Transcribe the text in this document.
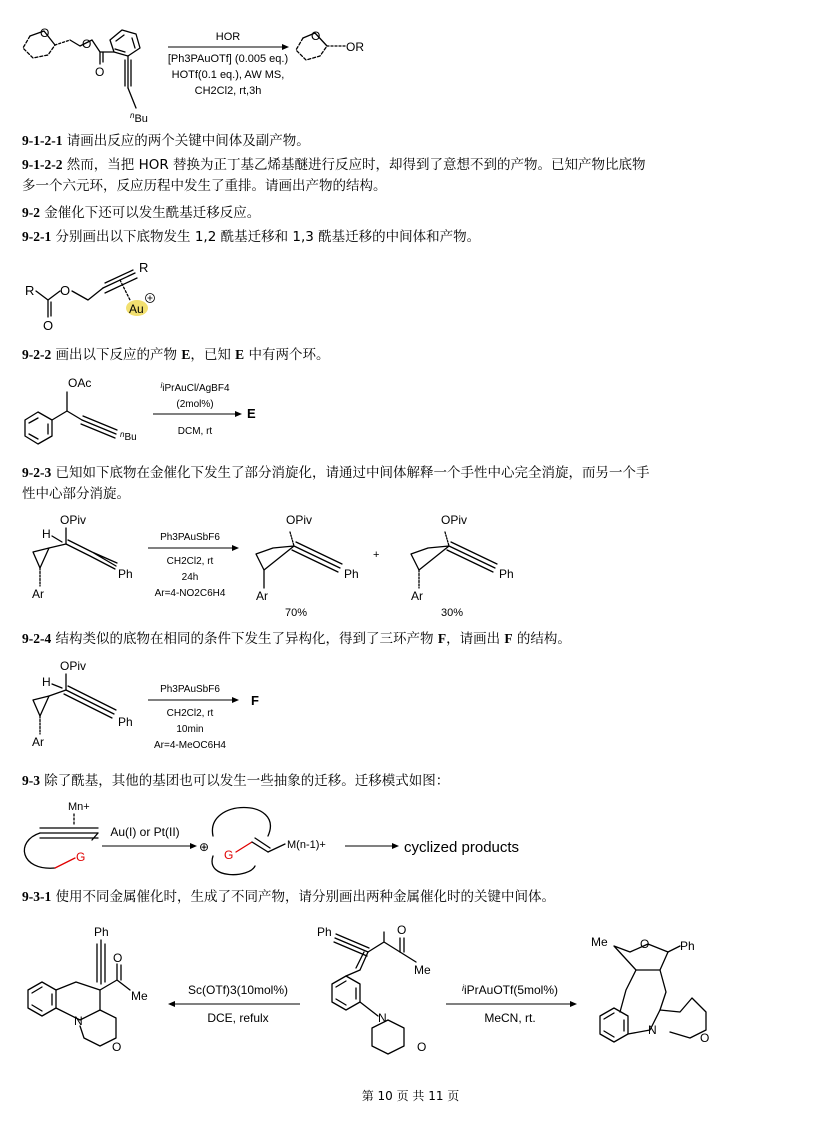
O
O
O
$^n$Bu
HOR
[Ph3PAuOTf] (0.005 eq.)
HOTf(0.1 eq.), AW MS,
CH2Cl2, rt,3h
O
OR
9-1-2-1 请画出反应的两个关键中间体及副产物。
9-1-2-2 然而，当把 HOR 替换为正丁基乙烯基醚进行反应时，却得到了意想不到的产物。已知产物比底物
多一个六元环，反应历程中发生了重排。请画出产物的结构。
9-2 金催化下还可以发生酰基迁移反应。
9-2-1 分别画出以下底物发生 1,2 酰基迁移和 1,3 酰基迁移的中间体和产物。
R
O
O
R
Au
9-2-2 画出以下反应的产物 E，已知 E 中有两个环。
OAc
$^n$Bu
$^i$iPrAuCl/AgBF4
(2mol%)
DCM, rt
E
9-2-3 已知如下底物在金催化下发生了部分消旋化，请通过中间体解释一个手性中心完全消旋，而另一个手
性中心部分消旋。
OPiv
H
Ar
Ph
Ph3PAuSbF6
CH2Cl2, rt
24h
Ar=4-NO2C6H4
OPiv
Ar
Ph
70%
+
OPiv
Ar
Ph
30%
9-2-4 结构类似的底物在相同的条件下发生了异构化，得到了三环产物 F，请画出 F 的结构。
OPiv
H
Ar
Ph
Ph3PAuSbF6
CH2Cl2, rt
10min
Ar=4-MeOC6H4
F
9-3 除了酰基，其他的基团也可以发生一些抽象的迁移。迁移模式如图：
Mn+
G
Au(I) or Pt(II)
⊕
G
M(n-1)+	cyclized products
9-3-1 使用不同金属催化时，生成了不同产物，请分别画出两种金属催化时的关键中间体。
Ph
N
O
O
Me	Sc(OTf)3(10mol%)
DCE, refulx
Ph	O
Me
N
O
$^i$iPrAuOTf(5mol%)
MeCN, rt.
Me	O	Ph
N
O
第 10 页 共 11 页
